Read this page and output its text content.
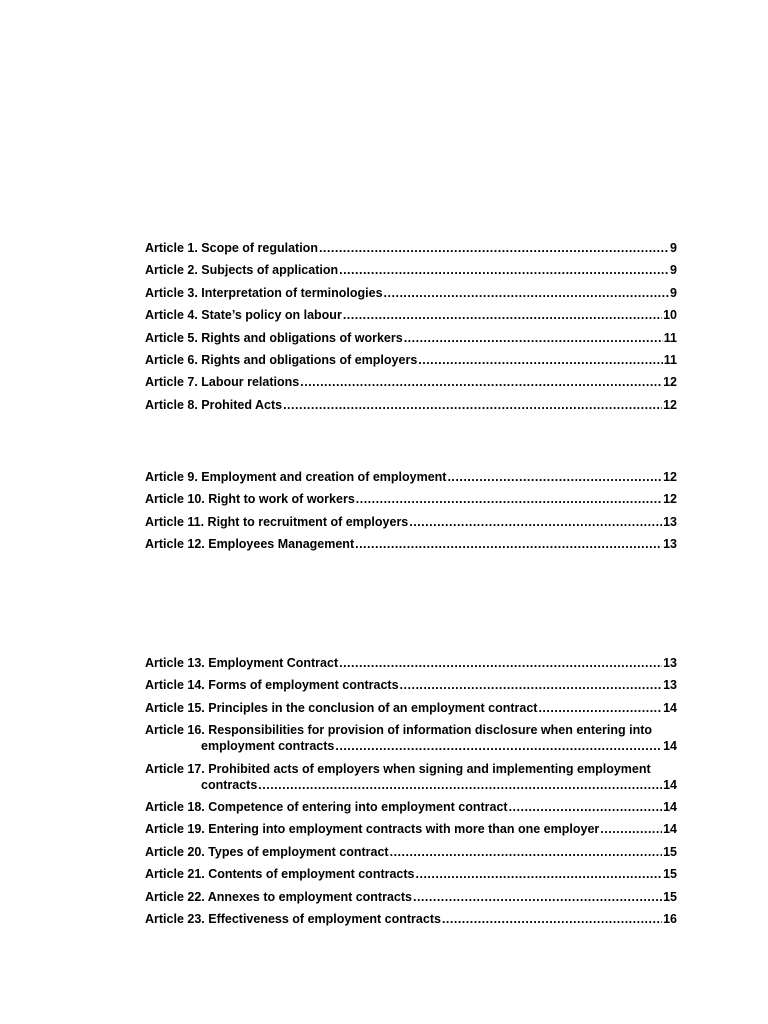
Article 1. Scope of regulation .....	9
Article 2. Subjects of application .....	9
Article 3. Interpretation of terminologies .....	9
Article 4. State’s policy on labour .....	10
Article 5. Rights and obligations of workers .....	11
Article 6. Rights and obligations of employers .....	11
Article 7. Labour relations .....	12
Article 8. Prohited Acts .....	12
Article 9. Employment and creation of employment .....	12
Article 10. Right to work of workers .....	12
Article 11. Right to recruitment of employers .....	13
Article 12. Employees Management .....	13
Article 13. Employment Contract .....	13
Article 14. Forms of employment contracts .....	13
Article 15. Principles in the conclusion of an employment contract .....	14
Article 16. Responsibilities for provision of information disclosure when entering into
employment contracts .....	14
Article 17. Prohibited acts of employers when signing and implementing employment
contracts .....	14
Article 18. Competence of entering into employment contract .....	14
Article 19. Entering into employment contracts with more than one employer .....	14
Article 20. Types of employment contract .....	15
Article 21. Contents of employment contracts .....	15
Article 22. Annexes to employment contracts .....	15
Article 23. Effectiveness of employment contracts .....	16
